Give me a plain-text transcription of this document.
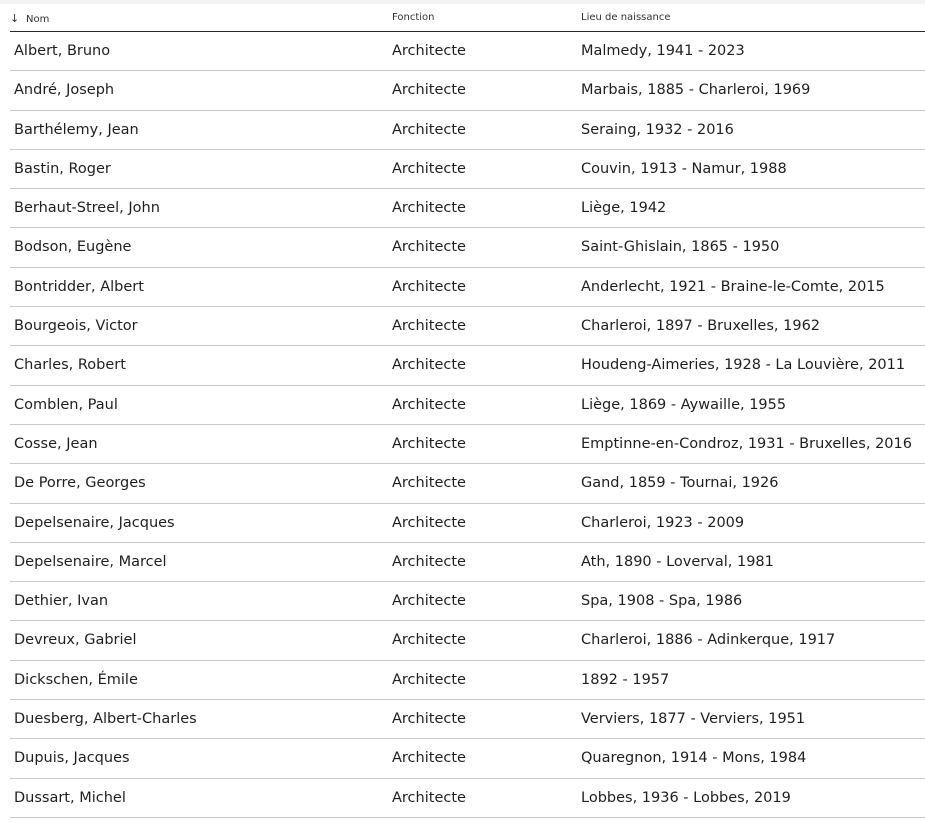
↓ Nom	Fonction	Lieu de naissance
Albert, Bruno	Architecte	Malmedy, 1941 - 2023
André, Joseph	Architecte	Marbais, 1885 - Charleroi, 1969
Barthélemy, Jean	Architecte	Seraing, 1932 - 2016
Bastin, Roger	Architecte	Couvin, 1913 - Namur, 1988
Berhaut-Streel, John	Architecte	Liège, 1942
Bodson, Eugène	Architecte	Saint-Ghislain, 1865 - 1950
Bontridder, Albert	Architecte	Anderlecht, 1921 - Braine-le-Comte, 2015
Bourgeois, Victor	Architecte	Charleroi, 1897 - Bruxelles, 1962
Charles, Robert	Architecte	Houdeng-Aimeries, 1928 - La Louvière, 2011
Comblen, Paul	Architecte	Liège, 1869 - Aywaille, 1955
Cosse, Jean	Architecte	Emptinne-en-Condroz, 1931 - Bruxelles, 2016
De Porre, Georges	Architecte	Gand, 1859 - Tournai, 1926
Depelsenaire, Jacques	Architecte	Charleroi, 1923 - 2009
Depelsenaire, Marcel	Architecte	Ath, 1890 - Loverval, 1981
Dethier, Ivan	Architecte	Spa, 1908 - Spa, 1986
Devreux, Gabriel	Architecte	Charleroi, 1886 - Adinkerque, 1917
Dickschen, Émile	Architecte	1892 - 1957
Duesberg, Albert-Charles	Architecte	Verviers, 1877 - Verviers, 1951
Dupuis, Jacques	Architecte	Quaregnon, 1914 - Mons, 1984
Dussart, Michel	Architecte	Lobbes, 1936 - Lobbes, 2019
